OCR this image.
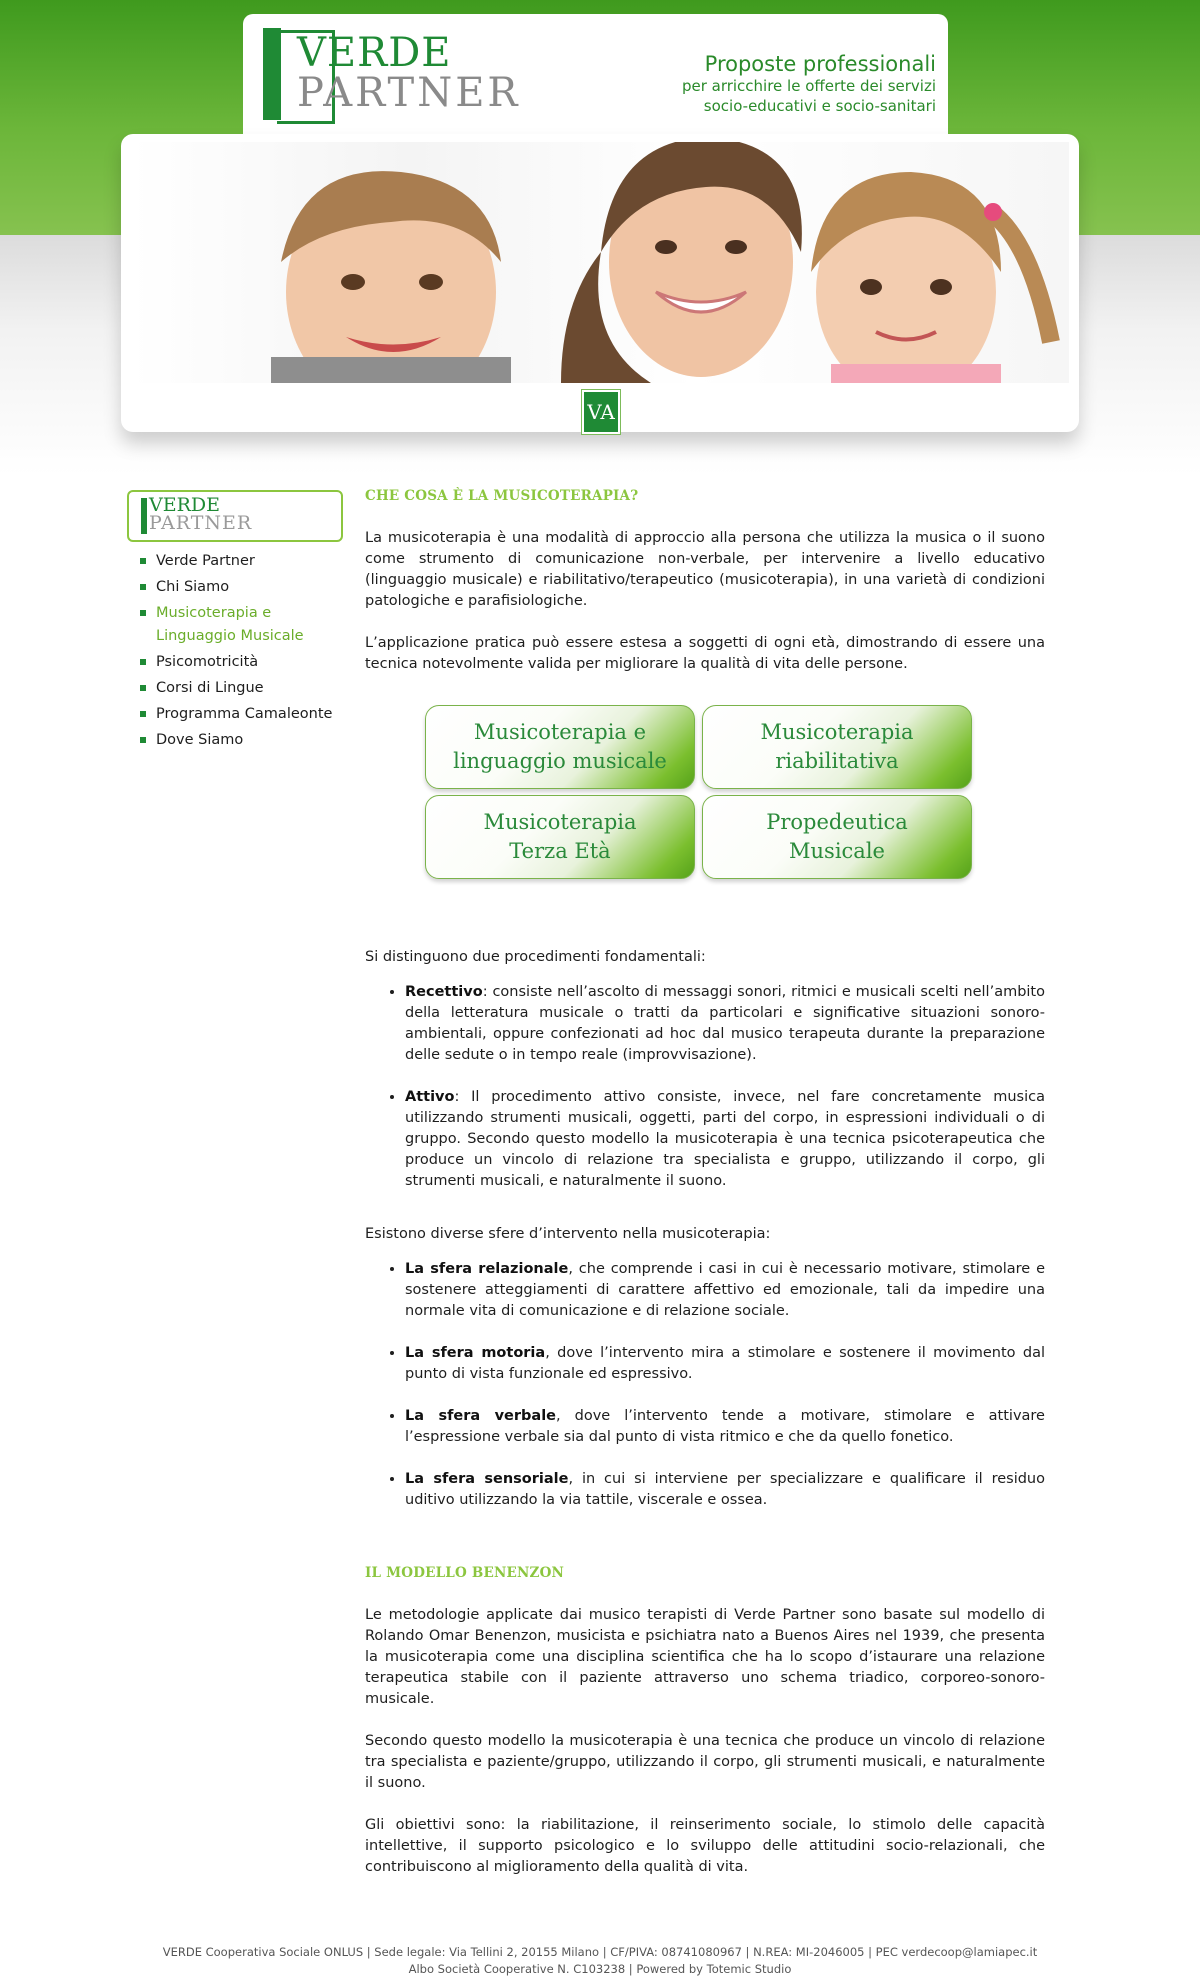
VERDE
PARTNER
Proposte professionali
per arricchire le offerte dei servizi
socio-educativi e socio-sanitari
VA
VERDE
PARTNER
Verde Partner
Chi Siamo
Musicoterapia e Linguaggio Musicale
Psicomotricità
Corsi di Lingue
Programma Camaleonte
Dove Siamo
CHE COSA È LA MUSICOTERAPIA?

La musicoterapia è una modalità di approccio alla persona che utilizza la musica o il suono come strumento di comunicazione non-verbale, per intervenire a livello educativo (linguaggio musicale) e riabilitativo/terapeutico (musicoterapia), in una varietà di condizioni patologiche e parafisiologiche.

L’applicazione pratica può essere estesa a soggetti di ogni età, dimostrando di essere una tecnica notevolmente valida per migliorare la qualità di vita delle persone.

Musicoterapia e
linguaggio musicale
Musicoterapia
riabilitativa
Musicoterapia
Terza Età
Propedeutica
Musicale

Si distinguono due procedimenti fondamentali:

• Recettivo: consiste nell’ascolto di messaggi sonori, ritmici e musicali scelti nell’ambito della letteratura musicale o tratti da particolari e significative situazioni sonoro-ambientali, oppure confezionati ad hoc dal musico terapeuta durante la preparazione delle sedute o in tempo reale (improvvisazione).
• Attivo: Il procedimento attivo consiste, invece, nel fare concretamente musica utilizzando strumenti musicali, oggetti, parti del corpo, in espressioni individuali o di gruppo. Secondo questo modello la musicoterapia è una tecnica psicoterapeutica che produce un vincolo di relazione tra specialista e gruppo, utilizzando il corpo, gli strumenti musicali, e naturalmente il suono.

Esistono diverse sfere d’intervento nella musicoterapia:

• La sfera relazionale, che comprende i casi in cui è necessario motivare, stimolare e sostenere atteggiamenti di carattere affettivo ed emozionale, tali da impedire una normale vita di comunicazione e di relazione sociale.
• La sfera motoria, dove l’intervento mira a stimolare e sostenere il movimento dal punto di vista funzionale ed espressivo.
• La sfera verbale, dove l’intervento tende a motivare, stimolare e attivare l’espressione verbale sia dal punto di vista ritmico e che da quello fonetico.
• La sfera sensoriale, in cui si interviene per specializzare e qualificare il residuo uditivo utilizzando la via tattile, viscerale e ossea.
IL MODELLO BENENZON

Le metodologie applicate dai musico terapisti di Verde Partner sono basate sul modello di Rolando Omar Benenzon, musicista e psichiatra nato a Buenos Aires nel 1939, che presenta la musicoterapia come una disciplina scientifica che ha lo scopo d’istaurare una relazione terapeutica stabile con il paziente attraverso uno schema triadico, corporeo-sonoro-musicale.

Secondo questo modello la musicoterapia è una tecnica che produce un vincolo di relazione tra specialista e paziente/gruppo, utilizzando il corpo, gli strumenti musicali, e naturalmente il suono.

Gli obiettivi sono: la riabilitazione, il reinserimento sociale, lo stimolo delle capacità intellettive, il supporto psicologico e lo sviluppo delle attitudini socio-relazionali, che contribuiscono al miglioramento della qualità di vita.

VERDE Cooperativa Sociale ONLUS | Sede legale: Via Tellini 2, 20155 Milano | CF/PIVA: 08741080967 | N.REA: MI-2046005 | PEC verdecoop@lamiapec.it
Albo Società Cooperative N. C103238 | Powered by Totemic Studio
